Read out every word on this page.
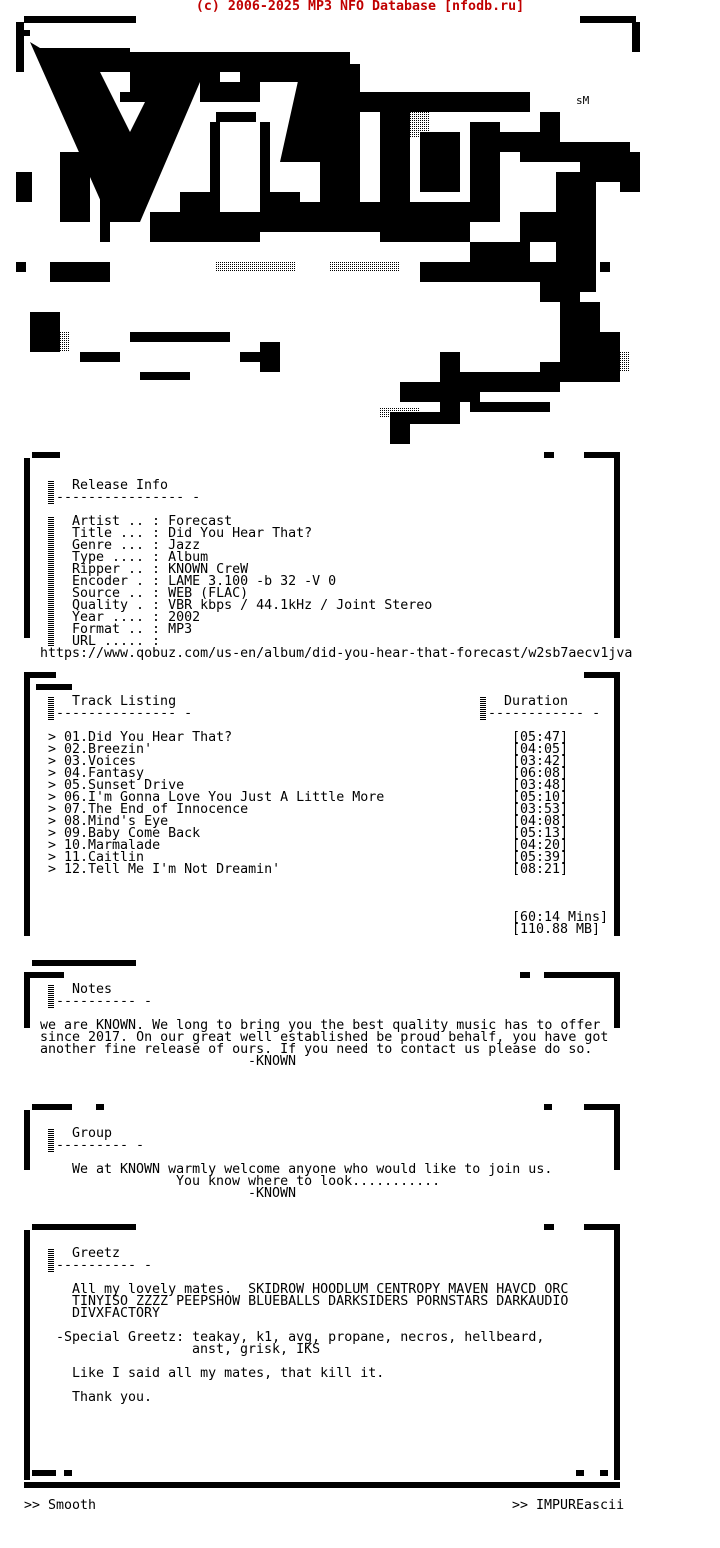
(c) 2006-2025 MP3 NFO Database [nfodb.ru]
sM
Release Info
---------------- -
Artist .. : Forecast
Title ... : Did You Hear That?
Genre ... : Jazz
Type .... : Album
Ripper .. : KNOWN CreW
Encoder . : LAME 3.100 -b 32 -V 0
Source .. : WEB (FLAC)
Quality . : VBR kbps / 44.1kHz / Joint Stereo
Year .... : 2002
Format .. : MP3
URL ..... :
https://www.qobuz.com/us-en/album/did-you-hear-that-forecast/w2sb7aecv1jva
Track Listing
--------------- -
Duration
------------ -
> 01.Did You Hear That?	[05:47]
> 02.Breezin'	[04:05]
> 03.Voices	[03:42]
> 04.Fantasy	[06:08]
> 05.Sunset Drive	[03:48]
> 06.I'm Gonna Love You Just A Little More	[05:10]
> 07.The End of Innocence	[03:53]
> 08.Mind's Eye	[04:08]
> 09.Baby Come Back	[05:13]
> 10.Marmalade	[04:20]
> 11.Caitlin	[05:39]
> 12.Tell Me I'm Not Dreamin'	[08:21]
[60:14 Mins]
[110.88 MB]
Notes
---------- -
we are KNOWN. We long to bring you the best quality music has to offer
since 2017. On our great well established be proud behalf, you have got
another fine release of ours. If you need to contact us please do so.
-KNOWN
Group
--------- -
We at KNOWN warmly welcome anyone who would like to join us.
You know where to look...........
-KNOWN
Greetz
---------- -
All my lovely mates.  SKIDROW HOODLUM CENTROPY MAVEN HAVCD ORC
TINYISO ZZZZ PEEPSHOW BLUEBALLS DARKSIDERS PORNSTARS DARKAUDIO
DIVXFACTORY
-Special Greetz: teakay, k1, avg, propane, necros, hellbeard,
anst, grisk, IKS
Like I said all my mates, that kill it.
Thank you.
>> Smooth	>> IMPUREascii
